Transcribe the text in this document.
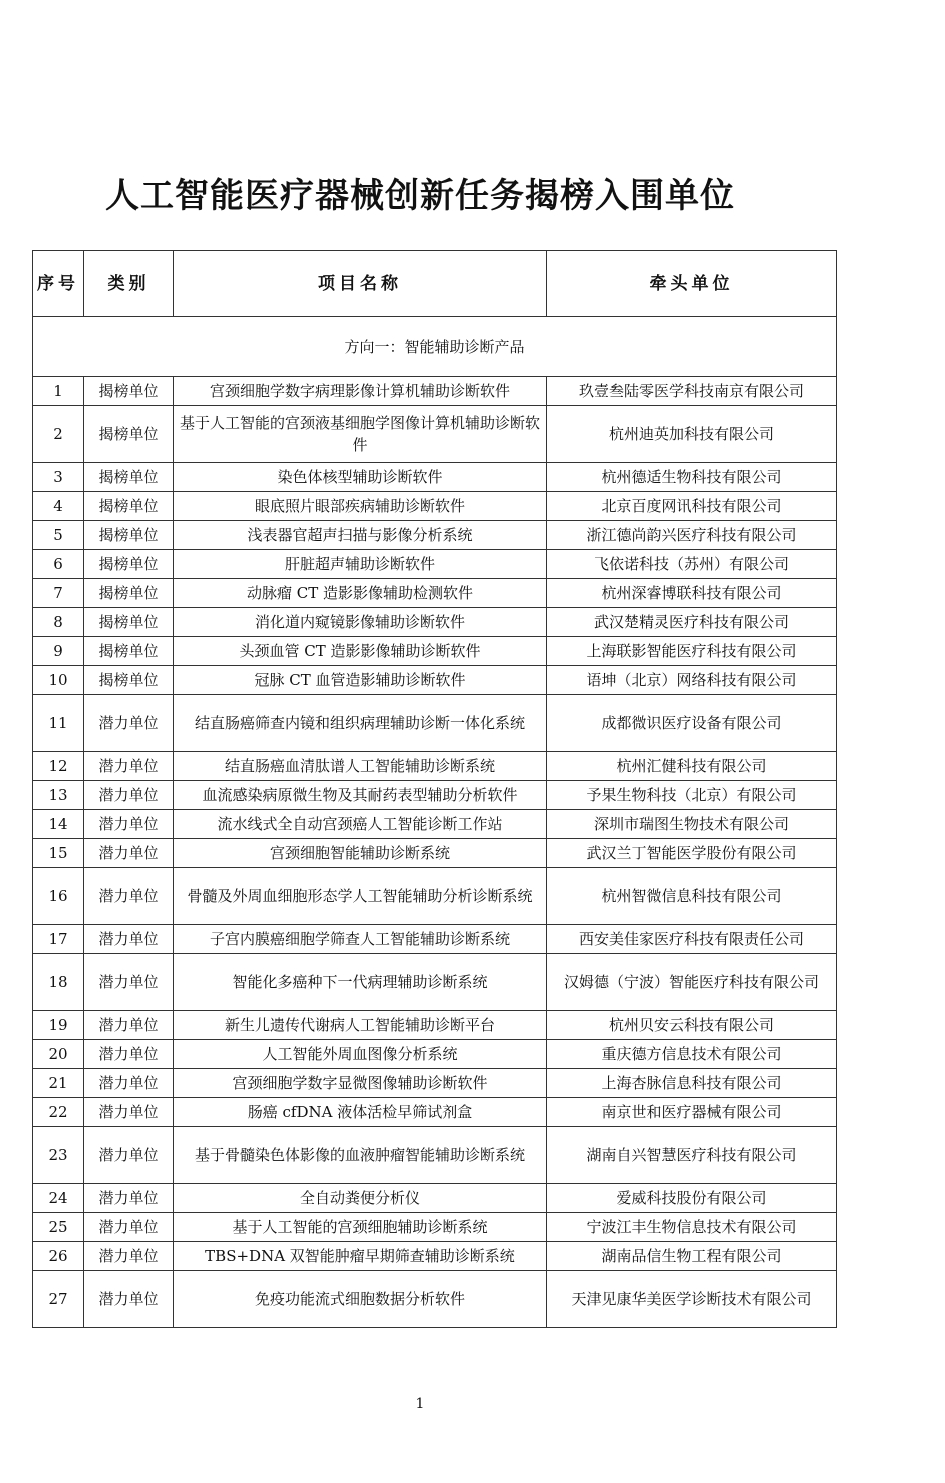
人工智能医疗器械创新任务揭榜入围单位
序号	类别	项目名称	牵头单位
方向一：智能辅助诊断产品			
1	揭榜单位	宫颈细胞学数字病理影像计算机辅助诊断软件	玖壹叁陆零医学科技南京有限公司
2	揭榜单位	基于人工智能的宫颈液基细胞学图像计算机辅助诊断软件	杭州迪英加科技有限公司
3	揭榜单位	染色体核型辅助诊断软件	杭州德适生物科技有限公司
4	揭榜单位	眼底照片眼部疾病辅助诊断软件	北京百度网讯科技有限公司
5	揭榜单位	浅表器官超声扫描与影像分析系统	浙江德尚韵兴医疗科技有限公司
6	揭榜单位	肝脏超声辅助诊断软件	飞依诺科技（苏州）有限公司
7	揭榜单位	动脉瘤 CT 造影影像辅助检测软件	杭州深睿博联科技有限公司
8	揭榜单位	消化道内窥镜影像辅助诊断软件	武汉楚精灵医疗科技有限公司
9	揭榜单位	头颈血管 CT 造影影像辅助诊断软件	上海联影智能医疗科技有限公司
10	揭榜单位	冠脉 CT 血管造影辅助诊断软件	语坤（北京）网络科技有限公司
11	潜力单位	结直肠癌筛查内镜和组织病理辅助诊断一体化系统	成都微识医疗设备有限公司
12	潜力单位	结直肠癌血清肽谱人工智能辅助诊断系统	杭州汇健科技有限公司
13	潜力单位	血流感染病原微生物及其耐药表型辅助分析软件	予果生物科技（北京）有限公司
14	潜力单位	流水线式全自动宫颈癌人工智能诊断工作站	深圳市瑞图生物技术有限公司
15	潜力单位	宫颈细胞智能辅助诊断系统	武汉兰丁智能医学股份有限公司
16	潜力单位	骨髓及外周血细胞形态学人工智能辅助分析诊断系统	杭州智微信息科技有限公司
17	潜力单位	子宫内膜癌细胞学筛查人工智能辅助诊断系统	西安美佳家医疗科技有限责任公司
18	潜力单位	智能化多癌种下一代病理辅助诊断系统	汉姆德（宁波）智能医疗科技有限公司
19	潜力单位	新生儿遗传代谢病人工智能辅助诊断平台	杭州贝安云科技有限公司
20	潜力单位	人工智能外周血图像分析系统	重庆德方信息技术有限公司
21	潜力单位	宫颈细胞学数字显微图像辅助诊断软件	上海杏脉信息科技有限公司
22	潜力单位	肠癌 cfDNA 液体活检早筛试剂盒	南京世和医疗器械有限公司
23	潜力单位	基于骨髓染色体影像的血液肿瘤智能辅助诊断系统	湖南自兴智慧医疗科技有限公司
24	潜力单位	全自动粪便分析仪	爱威科技股份有限公司
25	潜力单位	基于人工智能的宫颈细胞辅助诊断系统	宁波江丰生物信息技术有限公司
26	潜力单位	TBS+DNA 双智能肿瘤早期筛查辅助诊断系统	湖南品信生物工程有限公司
27	潜力单位	免疫功能流式细胞数据分析软件	天津见康华美医学诊断技术有限公司
1
